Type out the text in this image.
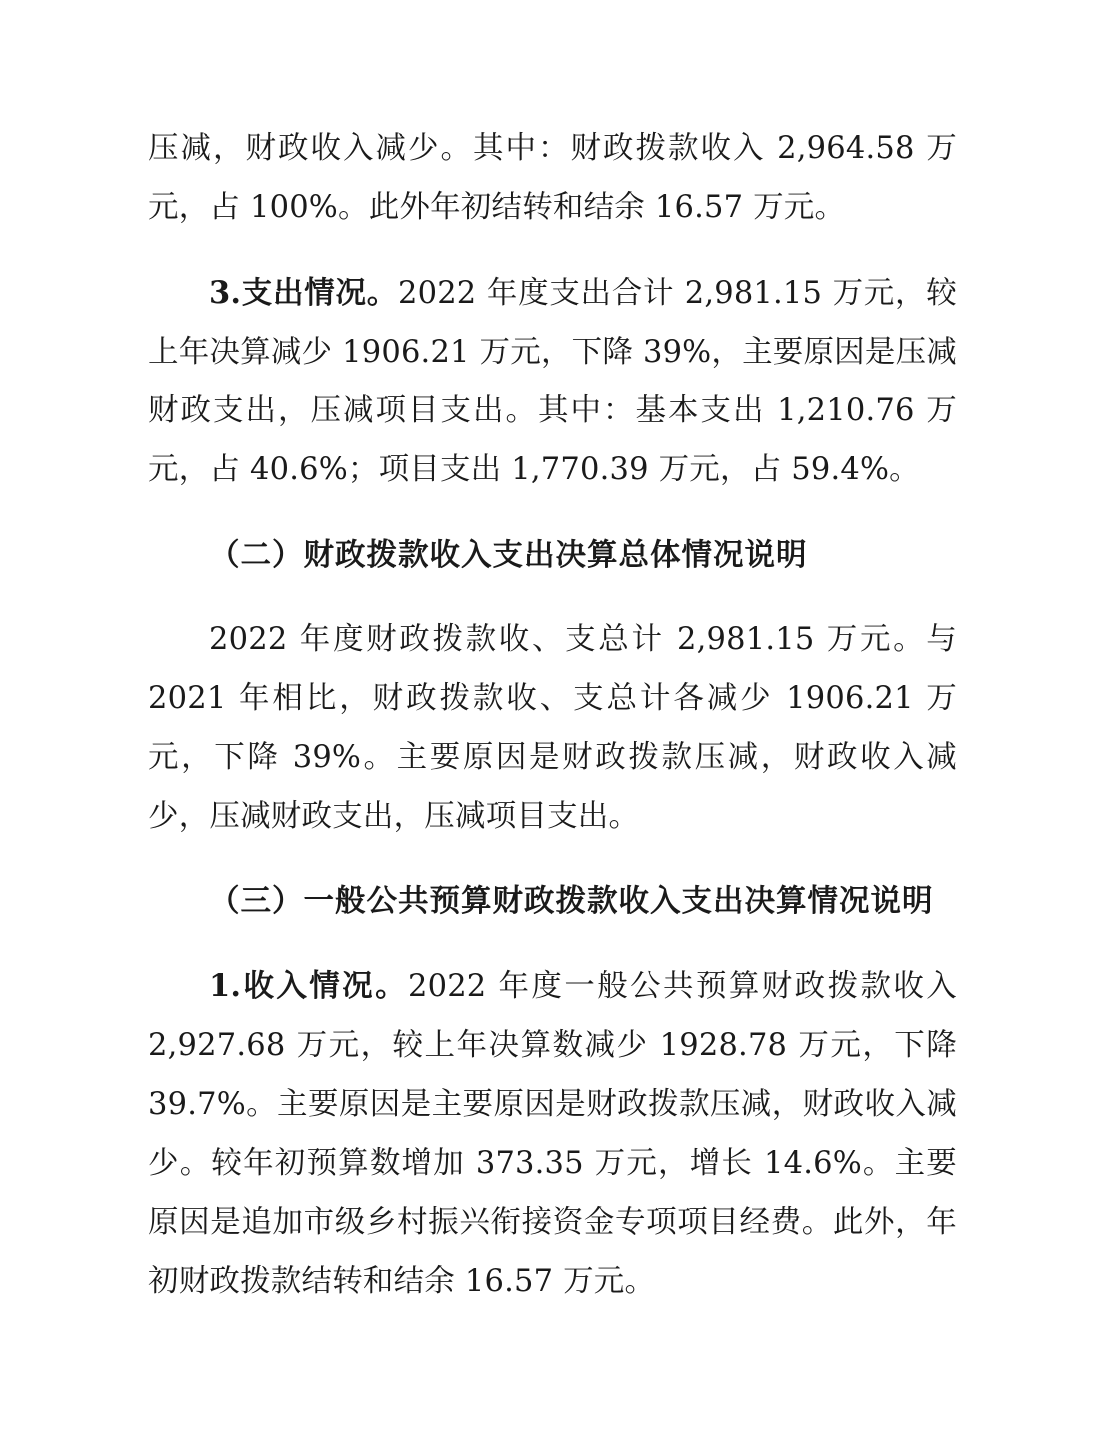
压减，财政收入减少。其中：财政拨款收入 2,964.58 万元，占 100%。此外年初结转和结余 16.57 万元。

3.支出情况。2022 年度支出合计 2,981.15 万元，较上年决算减少 1906.21 万元，下降 39%，主要原因是压减财政支出，压减项目支出。其中：基本支出 1,210.76 万元，占 40.6%；项目支出 1,770.39 万元，占 59.4%。

（二）财政拨款收入支出决算总体情况说明

2022 年度财政拨款收、支总计 2,981.15 万元。与 2021 年相比，财政拨款收、支总计各减少 1906.21 万元，下降 39%。主要原因是财政拨款压减，财政收入减少，压减财政支出，压减项目支出。

（三）一般公共预算财政拨款收入支出决算情况说明

1.收入情况。2022 年度一般公共预算财政拨款收入 2,927.68 万元，较上年决算数减少 1928.78 万元，下降 39.7%。主要原因是主要原因是财政拨款压减，财政收入减少。较年初预算数增加 373.35 万元，增长 14.6%。主要原因是追加市级乡村振兴衔接资金专项项目经费。此外，年初财政拨款结转和结余 16.57 万元。
